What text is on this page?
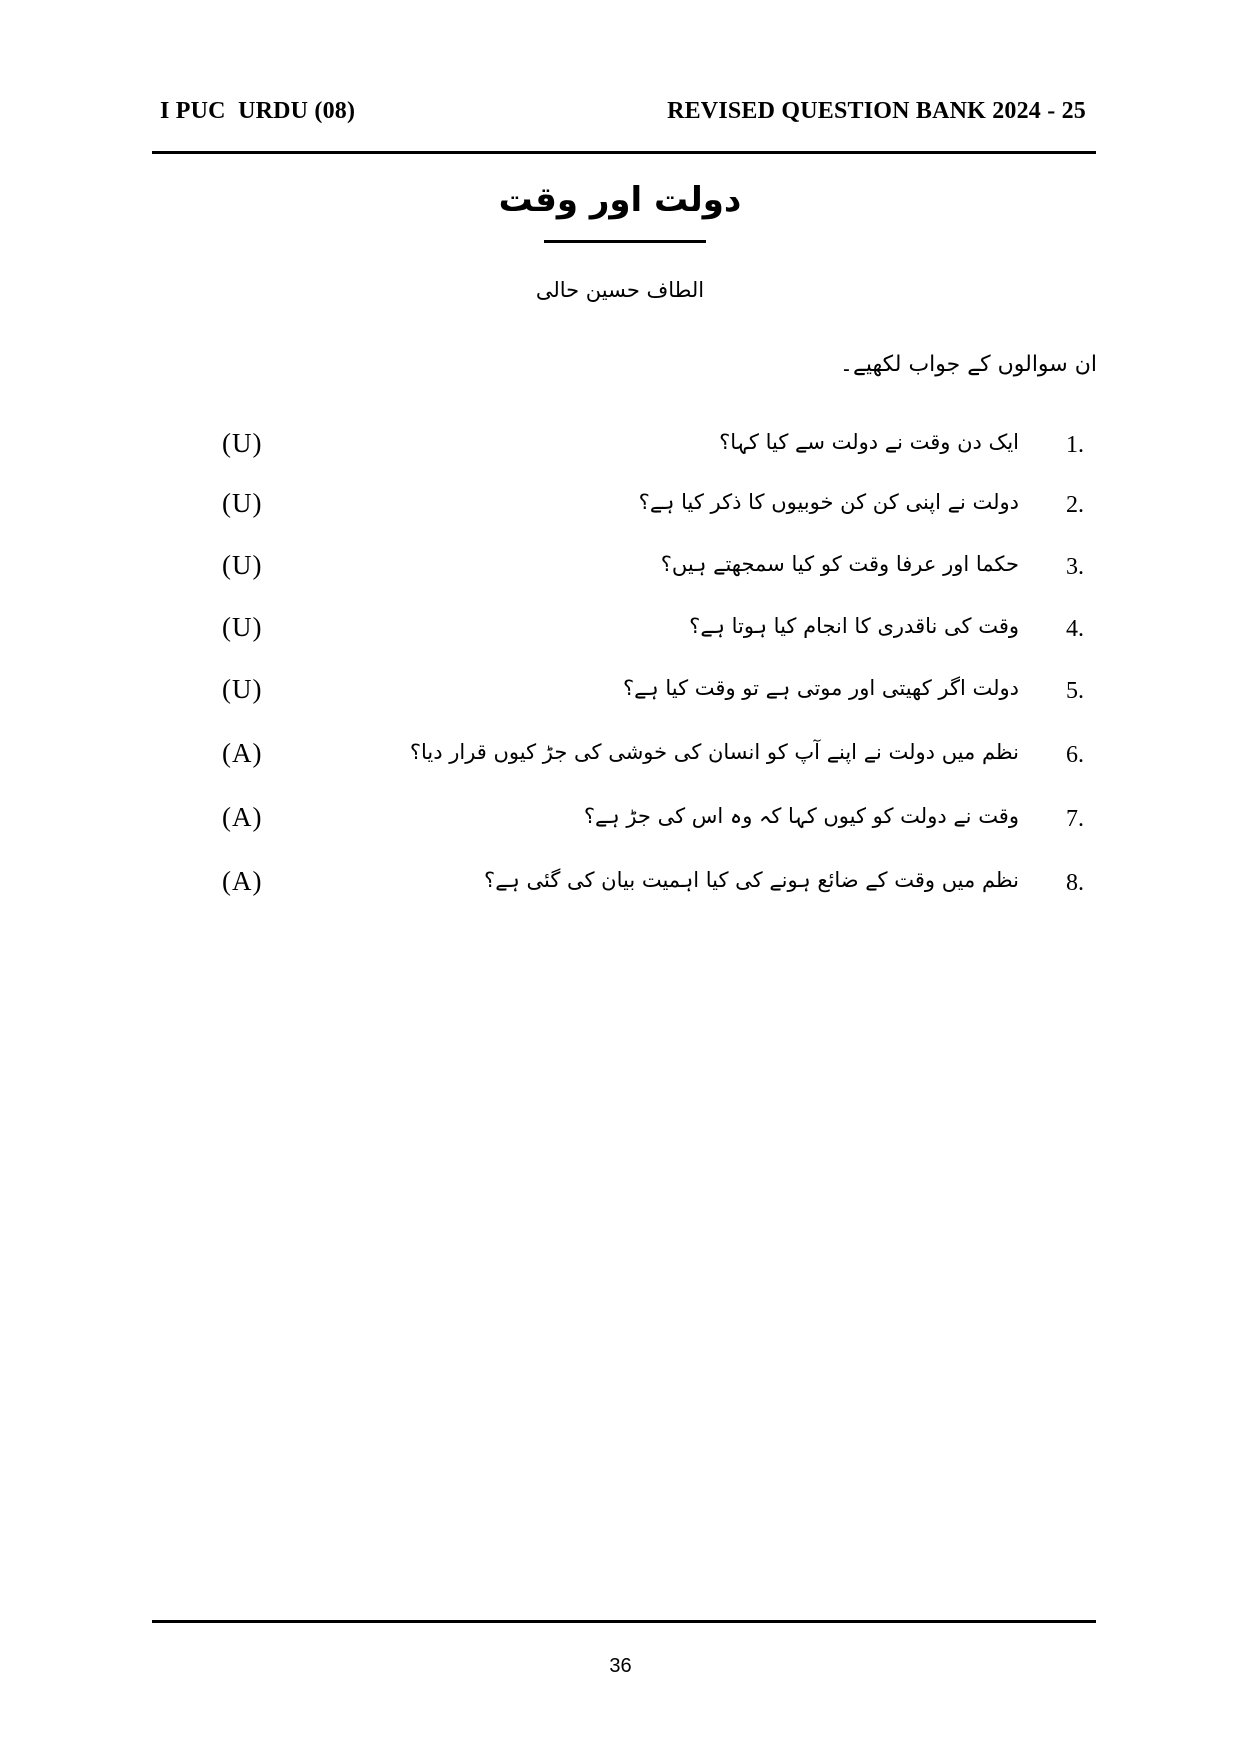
I PUC  URDU (08)	REVISED QUESTION BANK 2024 - 25
دولت اور وقت
الطاف حسین حالی
ان سوالوں کے جواب لکھیے۔
1.
ایک دن وقت نے دولت سے کیا کہا؟
(U)
2.
دولت نے اپنی کن کن خوبیوں کا ذکر کیا ہے؟
(U)
3.
حکما اور عرفا وقت کو کیا سمجھتے ہیں؟
(U)
4.
وقت کی ناقدری کا انجام کیا ہوتا ہے؟
(U)
5.
دولت اگر کھیتی اور موتی ہے تو وقت کیا ہے؟
(U)
6.
نظم میں دولت نے اپنے آپ کو انسان کی خوشی کی جڑ کیوں قرار دیا؟
(A)
7.
وقت نے دولت کو کیوں کہا کہ وہ اس کی جڑ ہے؟
(A)
8.
نظم میں وقت کے ضائع ہونے کی کیا اہمیت بیان کی گئی ہے؟
(A)
36
